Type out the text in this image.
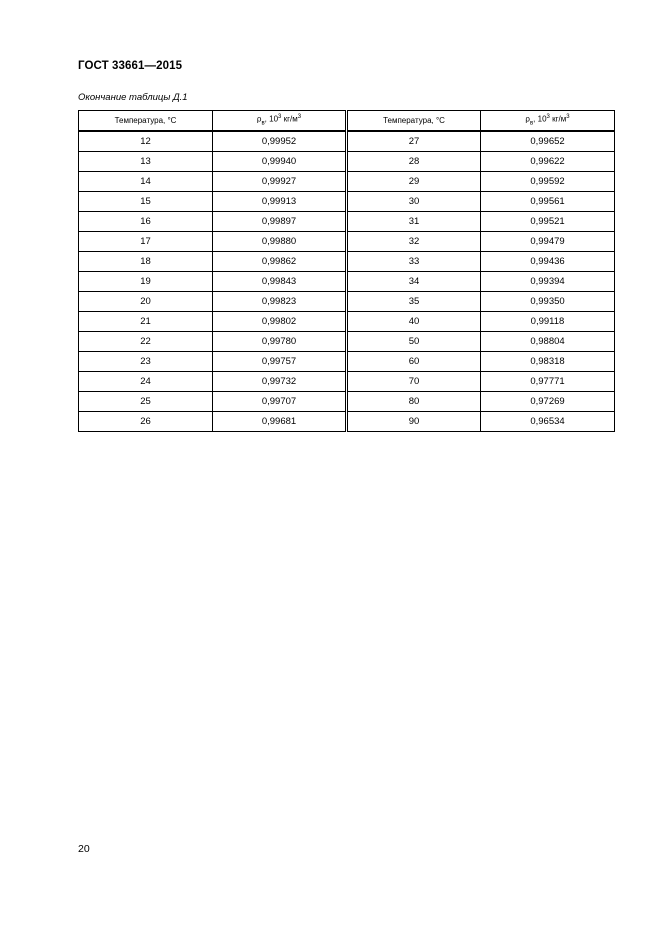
ГОСТ 33661—2015
Окончание таблицы Д.1
Температура, °С	$\rho_в$, $10^3$ $кг/м^3$	Температура, °С	$\rho_в$, $10^3$ $кг/м^3$
12	0,99952	27	0,99652
13	0,99940	28	0,99622
14	0,99927	29	0,99592
15	0,99913	30	0,99561
16	0,99897	31	0,99521
17	0,99880	32	0,99479
18	0,99862	33	0,99436
19	0,99843	34	0,99394
20	0,99823	35	0,99350
21	0,99802	40	0,99118
22	0,99780	50	0,98804
23	0,99757	60	0,98318
24	0,99732	70	0,97771
25	0,99707	80	0,97269
26	0,99681	90	0,96534
20
